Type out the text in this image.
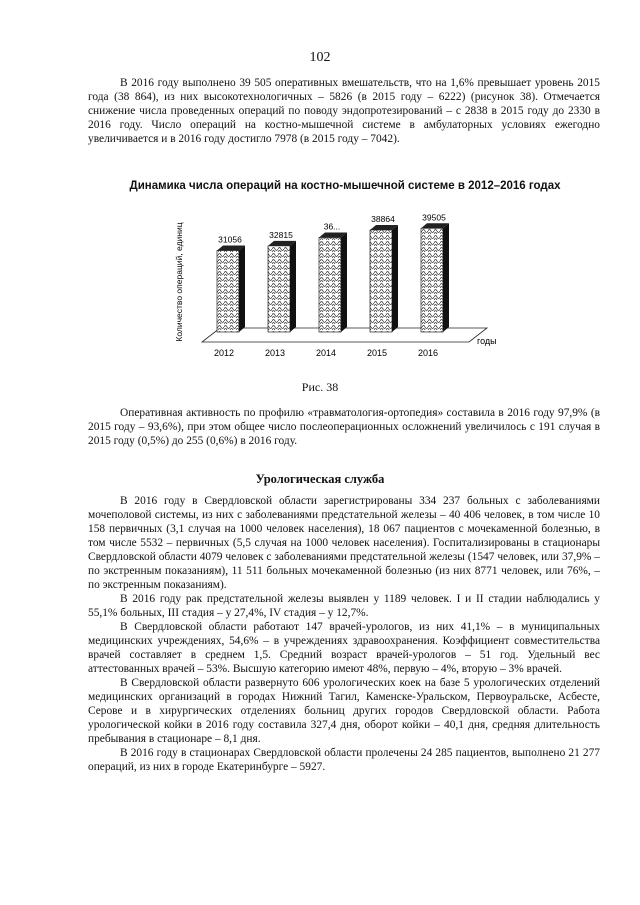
102

В 2016 году выполнено 39 505 оперативных вмешательств, что на 1,6% превышает уровень 2015 года (38 864), из них высокотехнологичных – 5826 (в 2015 году – 6222) (рисунок 38). Отмечается снижение числа проведенных операций по поводу эндопротезирований – с 2838 в 2015 году до 2330 в 2016 году. Число операций на костно-мышечной системе в амбулаторных условиях ежегодно увеличивается и в 2016 году достигло 7978 (в 2015 году – 7042).

Динамика числа операций на костно-мышечной системе в 2012–2016 годах
31056	32815
36...
38864	39505
2012	2013	2014	2015	2016
Количество операций, единиц	годы
Рис. 38

Оперативная активность по профилю «травматология-ортопедия» составила в 2016 году 97,9% (в 2015 году – 93,6%), при этом общее число послеоперационных осложнений увеличилось с 191 случая в 2015 году (0,5%) до 255 (0,6%) в 2016 году.

Урологическая служба

В 2016 году в Свердловской области зарегистрированы 334 237 больных с заболеваниями мочеполовой системы, из них с заболеваниями предстательной железы – 40 406 человек, в том числе 10 158 первичных (3,1 случая на 1000 человек населения), 18 067 пациентов с мочекаменной болезнью, в том числе 5532 – первичных (5,5 случая на 1000 человек населения). Госпитализированы в стационары Свердловской области 4079 человек с заболеваниями предстательной железы (1547 человек, или 37,9% – по экстренным показаниям), 11 511 больных мочекаменной болезнью (из них 8771 человек, или 76%, – по экстренным показаниям).

В 2016 году рак предстательной железы выявлен у 1189 человек. I и II стадии наблюдались у 55,1% больных, III стадия – у 27,4%, IV стадия – у 12,7%.

В Свердловской области работают 147 врачей-урологов, из них 41,1% – в муниципальных медицинских учреждениях, 54,6% – в учреждениях здравоохранения. Коэффициент совместительства врачей составляет в среднем 1,5. Средний возраст врачей-урологов – 51 год. Удельный вес аттестованных врачей – 53%. Высшую категорию имеют 48%, первую – 4%, вторую – 3% врачей.

В Свердловской области развернуто 606 урологических коек на базе 5 урологических отделений медицинских организаций в городах Нижний Тагил, Каменске-Уральском, Первоуральске, Асбесте, Серове и в хирургических отделениях больниц других городов Свердловской области. Работа урологической койки в 2016 году составила 327,4 дня, оборот койки – 40,1 дня, средняя длительность пребывания в стационаре – 8,1 дня.

В 2016 году в стационарах Свердловской области пролечены 24 285 пациентов, выполнено 21 277 операций, из них в городе Екатеринбурге – 5927.
